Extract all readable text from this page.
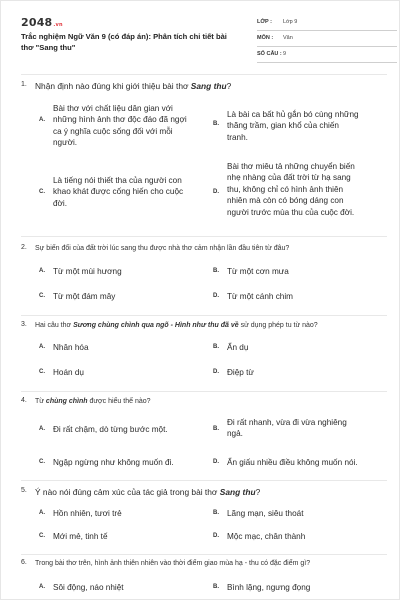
2048.vn
Trắc nghiệm Ngữ Văn 9 (có đáp án): Phân tích chi tiết bài thơ "Sang thu"
LỚP : Lớp 9
MÔN : Văn
SỐ CÂU : 9
1. Nhận định nào đúng khi giới thiệu bài thơ Sang thu?
A.
Bài thơ với chất liệu dân gian với
những hình ảnh thơ độc đáo đã ngợi
ca ý nghĩa cuộc sống đối với mỗi
người.
B.
Là bài ca bất hủ gắn bó cùng những
thăng trầm, gian khổ của chiến
tranh.
C.
Là tiếng nói thiết tha của người con
khao khát được cống hiến cho cuộc
đời.
D.
Bài thơ miêu tả những chuyển biến
nhẹ nhàng của đất trời từ hạ sang
thu, không chỉ có hình ảnh thiên
nhiên mà còn có bóng dáng con
người trước mùa thu của cuộc đời.
2. Sự biến đổi của đất trời lúc sang thu được nhà thơ cảm nhận lần đầu tiên từ đâu?
A. Từ một mùi hương	B. Từ một cơn mưa
C. Từ một đám mây	D. Từ một cánh chim
3. Hai câu thơ Sương chùng chình qua ngõ - Hình như thu đã về sử dụng phép tu từ nào?
A. Nhân hóa	B. Ẩn dụ
C. Hoán dụ	D. Điệp từ
4. Từ chùng chình được hiểu thế nào?
A. Đi rất chậm, dò từng bước một.	B.
Đi rất nhanh, vừa đi vừa nghiêng
ngả.
C. Ngập ngừng như không muốn đi.	D. Ẩn giấu nhiều điều không muốn nói.
5. Ý nào nói đúng cảm xúc của tác giả trong bài thơ Sang thu?
A. Hồn nhiên, tươi trẻ	B. Lãng mạn, siêu thoát
C. Mới mẻ, tinh tế	D. Mộc mạc, chân thành
6. Trong bài thơ trên, hình ảnh thiên nhiên vào thời điểm giao mùa hạ - thu có đặc điểm gì?
A. Sôi động, náo nhiệt	B. Bình lặng, ngưng đọng
